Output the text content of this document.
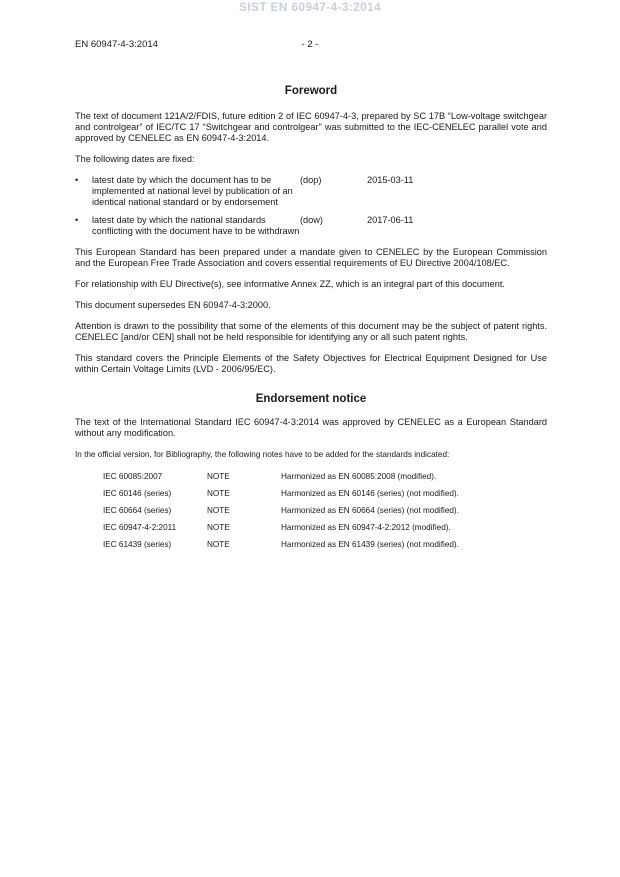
SIST EN 60947-4-3:2014
EN 60947-4-3:2014	- 2 -
Foreword

The text of document 121A/2/FDIS, future edition 2 of IEC 60947-4-3, prepared by SC 17B “Low-voltage switchgear and controlgear” of IEC/TC 17 “Switchgear and controlgear" was submitted to the IEC-CENELEC parallel vote and approved by CENELEC as EN 60947-4-3:2014.

The following dates are fixed:

•	latest date by which the document has to be implemented at national level by publication of an identical national standard or by endorsement
(dop)	2015-03-11
•	latest date by which the national standards conflicting with the document have to be withdrawn
(dow)	2017-06-11

This European Standard has been prepared under a mandate given to CENELEC by the European Commission and the European Free Trade Association and covers essential requirements of EU Directive 2004/108/EC.

For relationship with EU Directive(s), see informative Annex ZZ, which is an integral part of this document.

This document supersedes EN 60947-4-3:2000.

Attention is drawn to the possibility that some of the elements of this document may be the subject of patent rights. CENELEC [and/or CEN] shall not be held responsible for identifying any or all such patent rights.

This standard covers the Principle Elements of the Safety Objectives for Electrical Equipment Designed for Use within Certain Voltage Limits (LVD - 2006/95/EC).

Endorsement notice

The text of the International Standard IEC 60947-4-3:2014 was approved by CENELEC as a European Standard without any modification.

In the official version, for Bibliography, the following notes have to be added for the standards indicated:

IEC 60085:2007	NOTE	Harmonized as EN 60085:2008 (modified).
IEC 60146 (series)	NOTE	Harmonized as EN 60146 (series) (not modified).
IEC 60664 (series)	NOTE	Harmonized as EN 60664 (series) (not modified).
IEC 60947-4-2:2011	NOTE	Harmonized as EN 60947-4-2:2012 (modified).
IEC 61439 (series)	NOTE	Harmonized as EN 61439 (series) (not modified).
